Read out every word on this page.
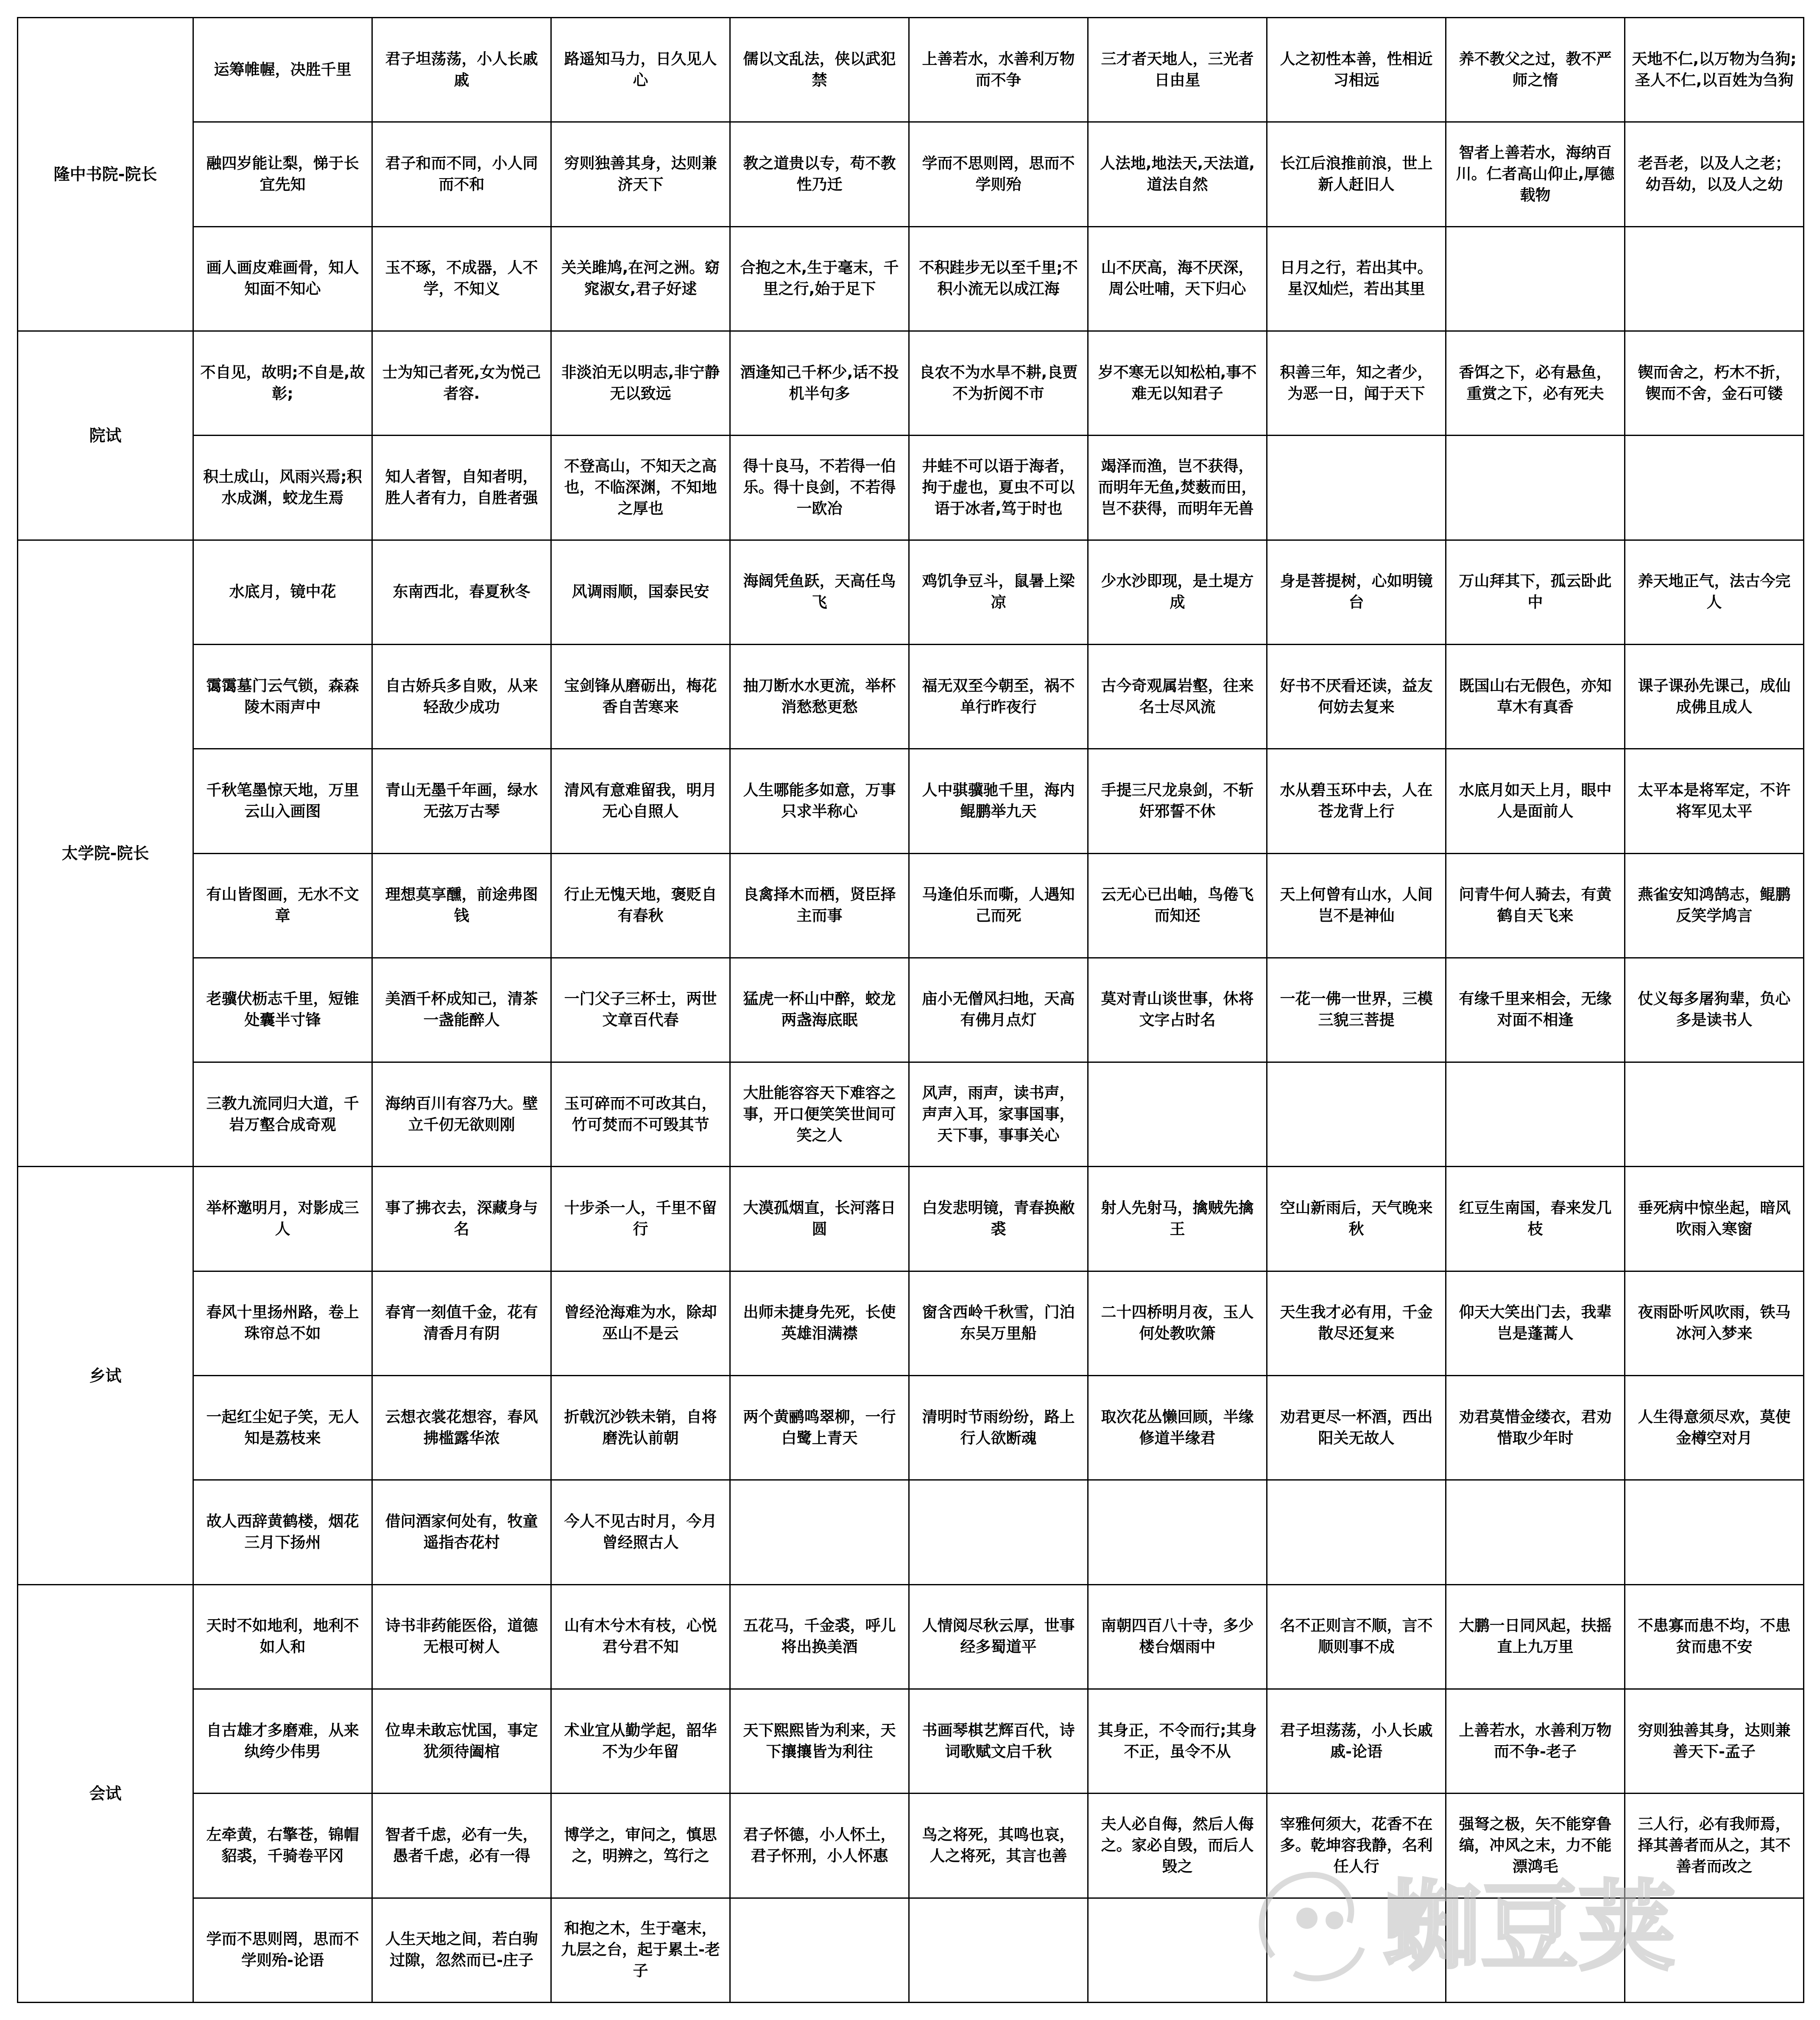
隆中书院-院长	运筹帷幄，决胜千里	君子坦荡荡，小人长戚戚	路遥知马力，日久见人心	儒以文乱法，侠以武犯禁	上善若水，水善利万物而不争	三才者天地人，三光者日由星	人之初性本善，性相近习相远	养不教父之过，教不严师之惰	天地不仁,以万物为刍狗;圣人不仁,以百姓为刍狗
	融四岁能让梨，悌于长宜先知	君子和而不同，小人同而不和	穷则独善其身，达则兼济天下	教之道贵以专，苟不教性乃迁	学而不思则罔，思而不学则殆	人法地,地法天,天法道,道法自然	长江后浪推前浪，世上新人赶旧人	智者上善若水，海纳百川。仁者高山仰止,厚德载物	老吾老，以及人之老；幼吾幼，以及人之幼
	画人画皮难画骨，知人知面不知心	玉不琢，不成器，人不学，不知义	关关雎鸠,在河之洲。窈窕淑女,君子好逑	合抱之木,生于毫末，千里之行,始于足下	不积跬步无以至千里;不积小流无以成江海	山不厌高，海不厌深，周公吐哺，天下归心	日月之行，若出其中。星汉灿烂，若出其里		
院试	不自见，故明;不自是,故彰;	士为知己者死,女为悦己者容.	非淡泊无以明志,非宁静无以致远	酒逢知己千杯少,话不投机半句多	良农不为水旱不耕,良贾不为折阅不市	岁不寒无以知松柏,事不难无以知君子	积善三年，知之者少，为恶一日，闻于天下	香饵之下，必有悬鱼，重赏之下，必有死夫	锲而舍之，朽木不折，锲而不舍，金石可镂
	积土成山，风雨兴焉;积水成渊，蛟龙生焉	知人者智，自知者明，胜人者有力，自胜者强	不登高山，不知天之高也，不临深渊，不知地之厚也	得十良马，不若得一伯乐。得十良剑，不若得一欧冶	井蛙不可以语于海者，拘于虚也，夏虫不可以语于冰者,笃于时也	竭泽而渔，岂不获得，而明年无鱼,焚薮而田，岂不获得，而明年无兽			
太学院-院长	水底月，镜中花	东南西北，春夏秋冬	风调雨顺，国泰民安	海阔凭鱼跃，天高任鸟飞	鸡饥争豆斗，鼠暑上梁凉	少水沙即现，是土堤方成	身是菩提树，心如明镜台	万山拜其下，孤云卧此中	养天地正气，法古今完人
	霭霭墓门云气锁，森森陵木雨声中	自古娇兵多自败，从来轻敌少成功	宝剑锋从磨砺出，梅花香自苦寒来	抽刀断水水更流，举杯消愁愁更愁	福无双至今朝至，祸不单行昨夜行	古今奇观属岩壑，往来名士尽风流	好书不厌看还读，益友何妨去复来	既国山右无假色，亦知草木有真香	课子课孙先课己，成仙成佛且成人
	千秋笔墨惊天地，万里云山入画图	青山无墨千年画，绿水无弦万古琴	清风有意难留我，明月无心自照人	人生哪能多如意，万事只求半称心	人中骐骥驰千里，海内鲲鹏举九天	手提三尺龙泉剑，不斩奸邪誓不休	水从碧玉环中去，人在苍龙背上行	水底月如天上月，眼中人是面前人	太平本是将军定，不许将军见太平
	有山皆图画，无水不文章	理想莫享醺，前途弗图钱	行止无愧天地，褒贬自有春秋	良禽择木而栖，贤臣择主而事	马逢伯乐而嘶，人遇知己而死	云无心已出岫，鸟倦飞而知还	天上何曾有山水，人间岂不是神仙	问青牛何人骑去，有黄鹤自天飞来	燕雀安知鸿鹄志，鲲鹏反笑学鸠言
	老骥伏枥志千里，短锥处囊半寸锋	美酒千杯成知己，清茶一盏能醉人	一门父子三杯士，两世文章百代春	猛虎一杯山中醉，蛟龙两盏海底眠	庙小无僧风扫地，天高有佛月点灯	莫对青山谈世事，休将文字占时名	一花一佛一世界，三模三貌三菩提	有缘千里来相会，无缘对面不相逢	仗义每多屠狗辈，负心多是读书人
	三教九流同归大道，千岩万壑合成奇观	海纳百川有容乃大。壁立千仞无欲则刚	玉可碎而不可改其白，竹可焚而不可毁其节	大肚能容容天下难容之事，开口便笑笑世间可笑之人	风声，雨声，读书声，声声入耳，家事国事，天下事，事事关心				
乡试	举杯邀明月，对影成三人	事了拂衣去，深藏身与名	十步杀一人，千里不留行	大漠孤烟直，长河落日圆	白发悲明镜，青春换敝裘	射人先射马，擒贼先擒王	空山新雨后，天气晚来秋	红豆生南国，春来发几枝	垂死病中惊坐起，暗风吹雨入寒窗
	春风十里扬州路，卷上珠帘总不如	春宵一刻值千金，花有清香月有阴	曾经沧海难为水，除却巫山不是云	出师未捷身先死，长使英雄泪满襟	窗含西岭千秋雪，门泊东吴万里船	二十四桥明月夜，玉人何处教吹箫	天生我才必有用，千金散尽还复来	仰天大笑出门去，我辈岂是蓬蒿人	夜雨卧听风吹雨，铁马冰河入梦来
	一起红尘妃子笑，无人知是荔枝来	云想衣裳花想容，春风拂槛露华浓	折戟沉沙铁未销，自将磨洗认前朝	两个黄鹂鸣翠柳，一行白鹭上青天	清明时节雨纷纷，路上行人欲断魂	取次花丛懒回顾，半缘修道半缘君	劝君更尽一杯酒，西出阳关无故人	劝君莫惜金缕衣，君劝惜取少年时	人生得意须尽欢，莫使金樽空对月
	故人西辞黄鹤楼，烟花三月下扬州	借问酒家何处有，牧童遥指杏花村	今人不见古时月，今月曾经照古人						
会试	天时不如地利，地利不如人和	诗书非药能医俗，道德无根可树人	山有木兮木有枝，心悦君兮君不知	五花马，千金裘，呼儿将出换美酒	人情阅尽秋云厚，世事经多蜀道平	南朝四百八十寺，多少楼台烟雨中	名不正则言不顺，言不顺则事不成	大鹏一日同风起，扶摇直上九万里	不患寡而患不均，不患贫而患不安
	自古雄才多磨难，从来纨绔少伟男	位卑未敢忘忧国，事定犹须待阖棺	术业宜从勤学起，韶华不为少年留	天下熙熙皆为利来，天下攘攘皆为利往	书画琴棋艺辉百代，诗词歌赋文启千秋	其身正，不令而行;其身不正，虽令不从	君子坦荡荡，小人长戚戚-论语	上善若水，水善利万物而不争-老子	穷则独善其身，达则兼善天下-孟子
	左牵黄，右擎苍，锦帽貂裘，千骑卷平冈	智者千虑，必有一失，愚者千虑，必有一得	博学之，审问之，慎思之，明辨之，笃行之	君子怀德，小人怀土，君子怀刑，小人怀惠	鸟之将死，其鸣也哀，人之将死，其言也善	夫人必自侮，然后人侮之。家必自毁，而后人毁之	宰雅何须大，花香不在多。乾坤容我静，名利任人行	强弩之极，矢不能穿鲁缟，冲风之末，力不能漂鸿毛	三人行，必有我师焉，择其善者而从之，其不善者而改之
	学而不思则罔，思而不学则殆-论语	人生天地之间，若白驹过隙，忽然而已-庄子	和抱之木，生于毫末，九层之台，起于累土-老子							蜘豆荚
